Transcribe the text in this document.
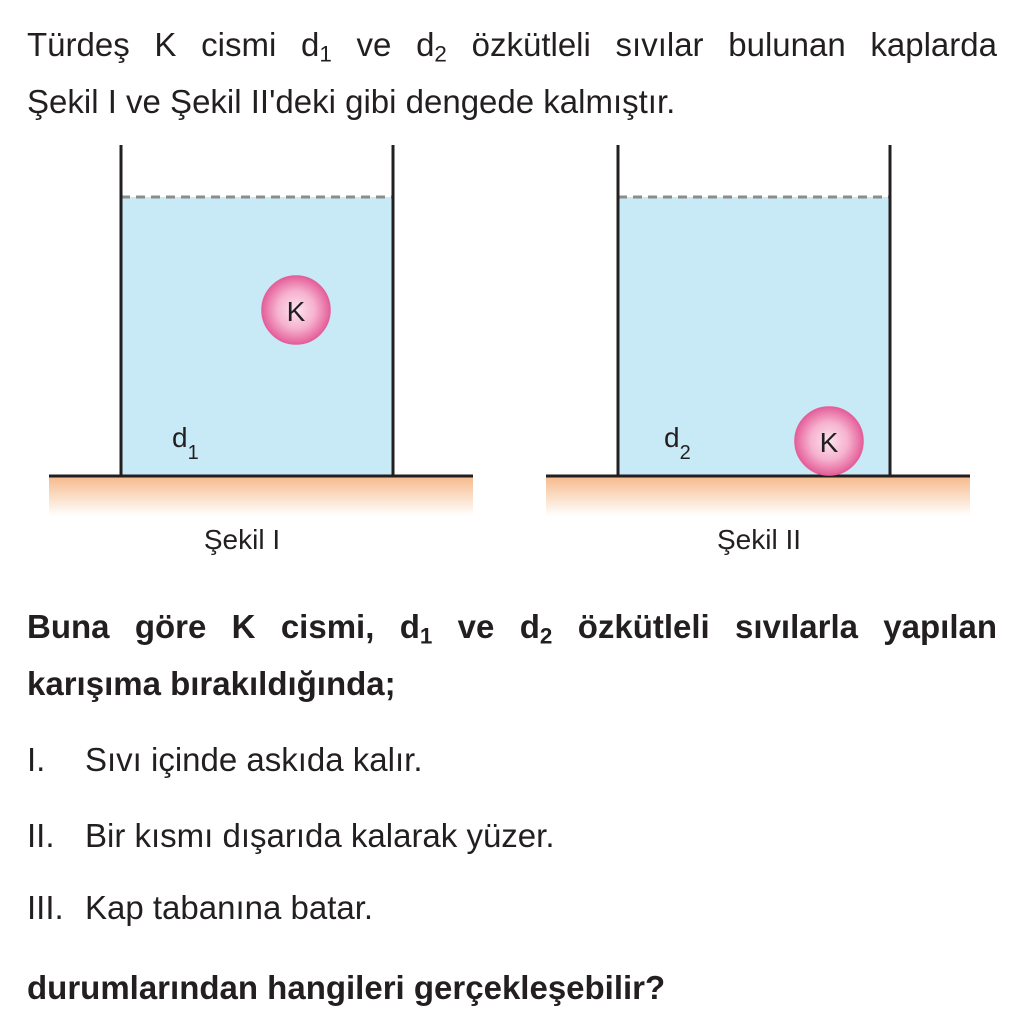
Türdeş K cismi $d_1$ ve $d_2$ özkütleli sıvılar bulunan kaplarda
Şekil I ve Şekil II'deki gibi dengede kalmıştır.
K
$d_1$
Şekil I
K
$d_2$
Şekil II
Buna göre K cismi, $d_1$ ve $d_2$ özkütleli sıvılarla yapılan
karışıma bırakıldığında;
I. Sıvı içinde askıda kalır.
II. Bir kısmı dışarıda kalarak yüzer.
III. Kap tabanına batar.
durumlarından hangileri gerçekleşebilir?
